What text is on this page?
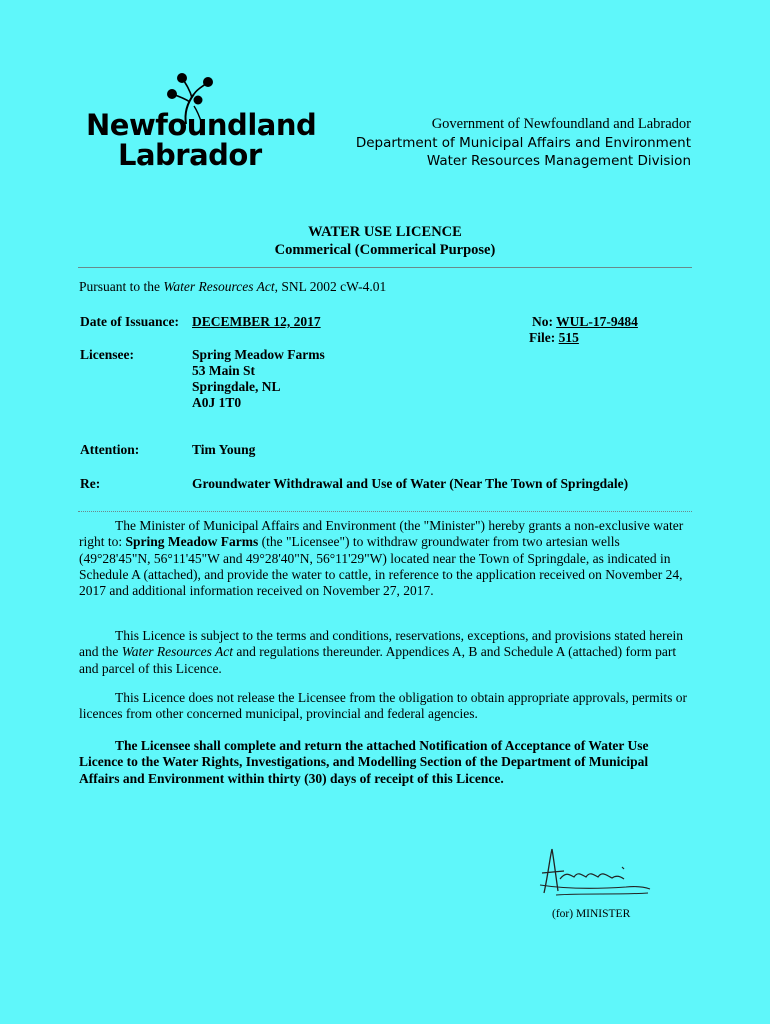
Newfoundland
Labrador
Government of Newfoundland and Labrador
Department of Municipal Affairs and Environment
Water Resources Management Division
WATER USE LICENCE
Commerical (Commerical Purpose)
Pursuant to the Water Resources Act, SNL 2002 cW-4.01
Date of Issuance: DECEMBER 12, 2017	No: WUL-17-9484
File: 515
Licensee:	Spring Meadow Farms
53 Main St
Springdale, NL
A0J 1T0
Attention:	Tim Young
Re:	Groundwater Withdrawal and Use of Water (Near The Town of Springdale)
The Minister of Municipal Affairs and Environment (the "Minister") hereby grants a non-exclusive water right to: Spring Meadow Farms (the "Licensee") to withdraw groundwater from two artesian wells (49°28'45"N, 56°11'45"W and 49°28'40"N, 56°11'29"W) located near the Town of Springdale, as indicated in Schedule A (attached), and provide the water to cattle, in reference to the application received on November 24, 2017 and additional information received on November 27, 2017.
This Licence is subject to the terms and conditions, reservations, exceptions, and provisions stated herein and the Water Resources Act and regulations thereunder. Appendices A, B and Schedule A (attached) form part and parcel of this Licence.
This Licence does not release the Licensee from the obligation to obtain appropriate approvals, permits or licences from other concerned municipal, provincial and federal agencies.
The Licensee shall complete and return the attached Notification of Acceptance of Water Use Licence to the Water Rights, Investigations, and Modelling Section of the Department of Municipal Affairs and Environment within thirty (30) days of receipt of this Licence.
(for) MINISTER
